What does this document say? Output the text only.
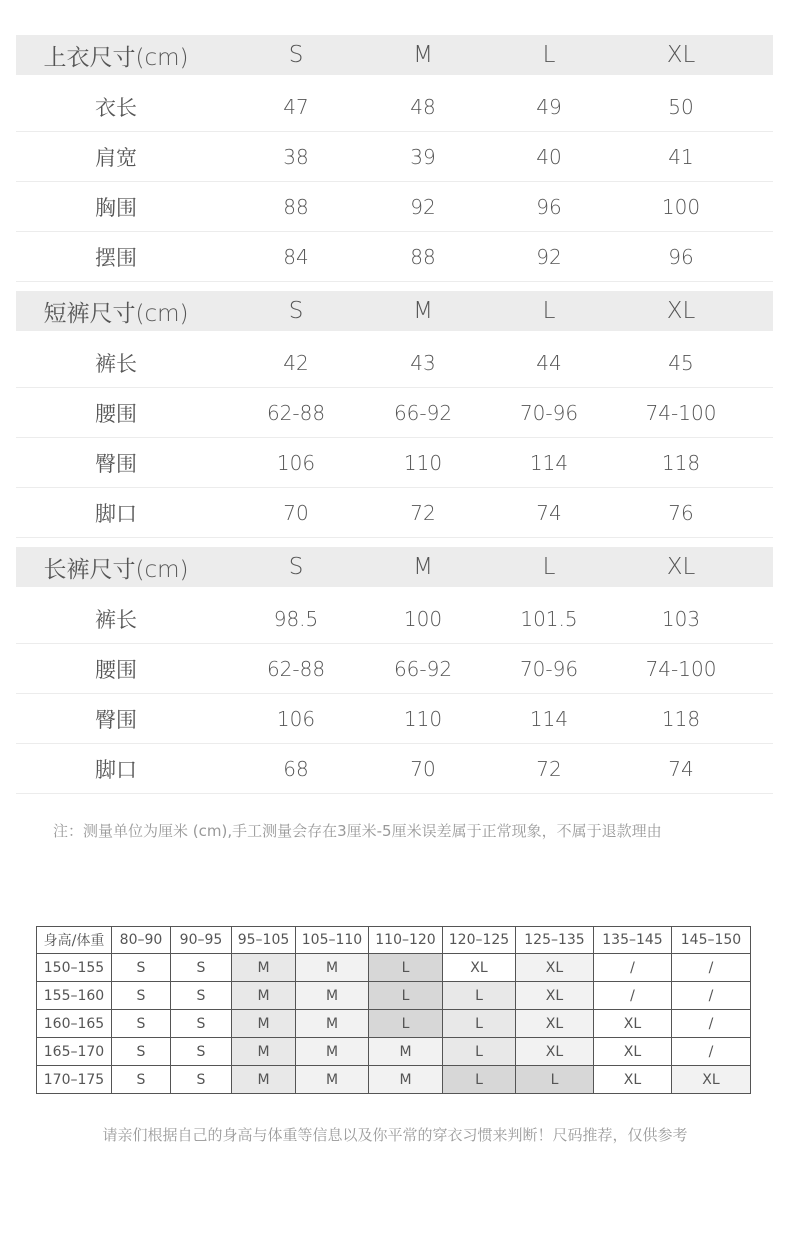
上衣尺寸(cm)	S	M	L	XL
衣长	47	48	49	50
肩宽	38	39	40	41
胸围	88	92	96	100
摆围	84	88	92	96
短裤尺寸(cm)	S	M	L	XL
裤长	42	43	44	45
腰围	62-88	66-92	70-96	74-100
臀围	106	110	114	118
脚口	70	72	74	76
长裤尺寸(cm)	S	M	L	XL
裤长	98.5	100	101.5	103
腰围	62-88	66-92	70-96	74-100
臀围	106	110	114	118
脚口	68	70	72	74
注：测量单位为厘米 (cm),手工测量会存在3厘米-5厘米误差属于正常现象，不属于退款理由
身高/体重	80–90	90–95	95–105	105–110	110–120	120–125	125–135	135–145	145–150
150–155	S	S	M	M	L	XL	XL	/	/
155–160	S	S	M	M	L	L	XL	/	/
160–165	S	S	M	M	L	L	XL	XL	/
165–170	S	S	M	M	M	L	XL	XL	/
170–175	S	S	M	M	M	L	L	XL	XL
请亲们根据自己的身高与体重等信息以及你平常的穿衣习惯来判断！尺码推荐，仅供参考
